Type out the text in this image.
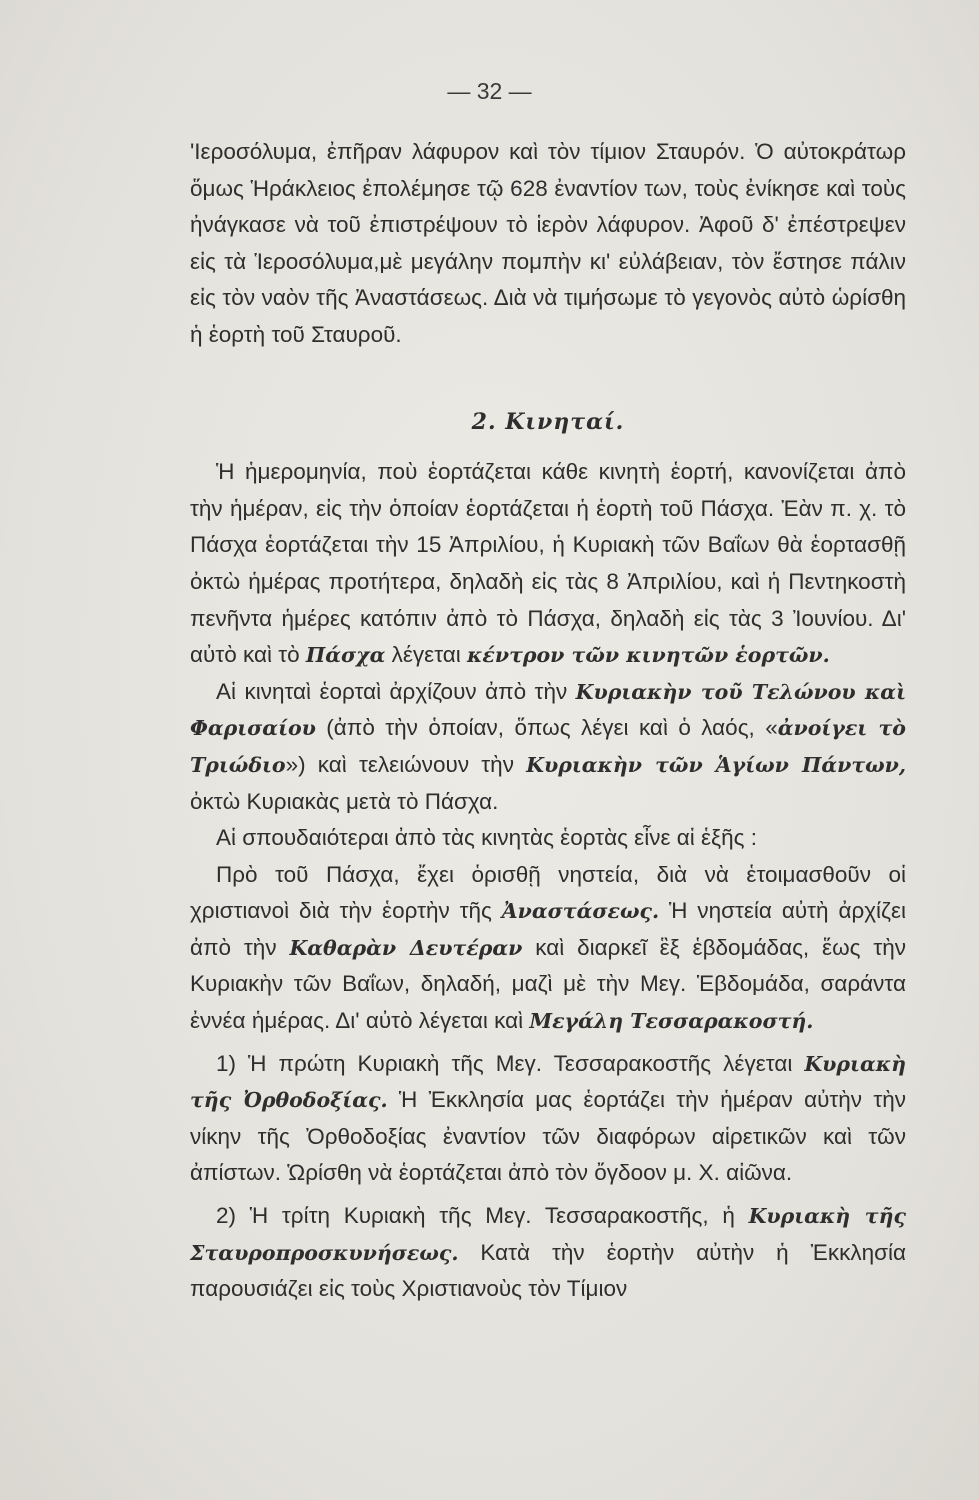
— 32 —

'Ιεροσόλυμα, ἐπῆραν λάφυρον καὶ τὸν τίμιον Σταυρόν. Ὁ αὐτοκράτωρ ὅμως Ἡράκλειος ἐπολέμησε τῷ 628 ἐναντίον των, τοὺς ἐνίκησε καὶ τοὺς ἠνάγκασε νὰ τοῦ ἐπιστρέψουν τὸ ἱερὸν λάφυρον. Ἀφοῦ δ' ἐπέστρεψεν εἰς τὰ Ἱεροσόλυμα,μὲ μεγάλην πομπὴν κι' εὐλάβειαν, τὸν ἔστησε πάλιν εἰς τὸν ναὸν τῆς Ἀναστάσεως. Διὰ νὰ τιμήσωμε τὸ γεγονὸς αὐτὸ ὡρίσθη ἡ ἑορτὴ τοῦ Σταυροῦ.

2. Κινηταί.

Ἡ ἡμερομηνία, ποὺ ἑορτάζεται κάθε κινητὴ ἑορτή, κανονίζεται ἀπὸ τὴν ἡμέραν, εἰς τὴν ὁποίαν ἑορτάζεται ἡ ἑορτὴ τοῦ Πάσχα. Ἐὰν π. χ. τὸ Πάσχα ἑορτάζεται τὴν 15 Ἀπριλίου, ἡ Κυριακὴ τῶν Βαΐων θὰ ἑορτασθῇ ὀκτὼ ἡμέρας προτήτερα, δηλαδὴ εἰς τὰς 8 Ἀπριλίου, καὶ ἡ Πεντηκοστὴ πενῆντα ἡμέρες κατόπιν ἀπὸ τὸ Πάσχα, δηλαδὴ εἰς τὰς 3 Ἰουνίου. Δι' αὐτὸ καὶ τὸ Πάσχα λέγεται κέντρον τῶν κινητῶν ἑορτῶν.

Αἱ κινηταὶ ἑορταὶ ἀρχίζουν ἀπὸ τὴν Κυριακὴν τοῦ Τελώνου καὶ Φαρισαίου (ἀπὸ τὴν ὁποίαν, ὅπως λέγει καὶ ὁ λαός, «ἀνοίγει τὸ Τριώδιο») καὶ τελειώνουν τὴν Κυριακὴν τῶν Ἁγίων Πάντων, ὀκτὼ Κυριακὰς μετὰ τὸ Πάσχα.

Αἱ σπουδαιότεραι ἀπὸ τὰς κινητὰς ἑορτὰς εἶνε αἱ ἑξῆς :

Πρὸ τοῦ Πάσχα, ἔχει ὁρισθῇ νηστεία, διὰ νὰ ἑτοιμασθοῦν οἱ χριστιανοὶ διὰ τὴν ἑορτὴν τῆς Ἀναστάσεως. Ἡ νηστεία αὐτὴ ἀρχίζει ἀπὸ τὴν Καθαρὰν Δευτέραν καὶ διαρκεῖ ἓξ ἑβδομάδας, ἕως τὴν Κυριακὴν τῶν Βαΐων, δηλαδή, μαζὶ μὲ τὴν Μεγ. Ἑβδομάδα, σαράντα ἐννέα ἡμέρας. Δι' αὐτὸ λέγεται καὶ Μεγάλη Τεσσαρακοστή.

1) Ἡ πρώτη Κυριακὴ τῆς Μεγ. Τεσσαρακοστῆς λέγεται Κυριακὴ τῆς Ὀρθοδοξίας. Ἡ Ἐκκλησία μας ἑορτάζει τὴν ἡμέραν αὐτὴν τὴν νίκην τῆς Ὀρθοδοξίας ἐναντίον τῶν διαφόρων αἱρετικῶν καὶ τῶν ἀπίστων. Ὡρίσθη νὰ ἑορτάζεται ἀπὸ τὸν ὄγδοον μ. Χ. αἰῶνα.

2) Ἡ τρίτη Κυριακὴ τῆς Μεγ. Τεσσαρακοστῆς, ἡ Κυριακὴ τῆς Σταυροπροσκυνήσεως. Κατὰ τὴν ἑορτὴν αὐτὴν ἡ Ἐκκλησία παρουσιάζει εἰς τοὺς Χριστιανοὺς τὸν Τίμιον
